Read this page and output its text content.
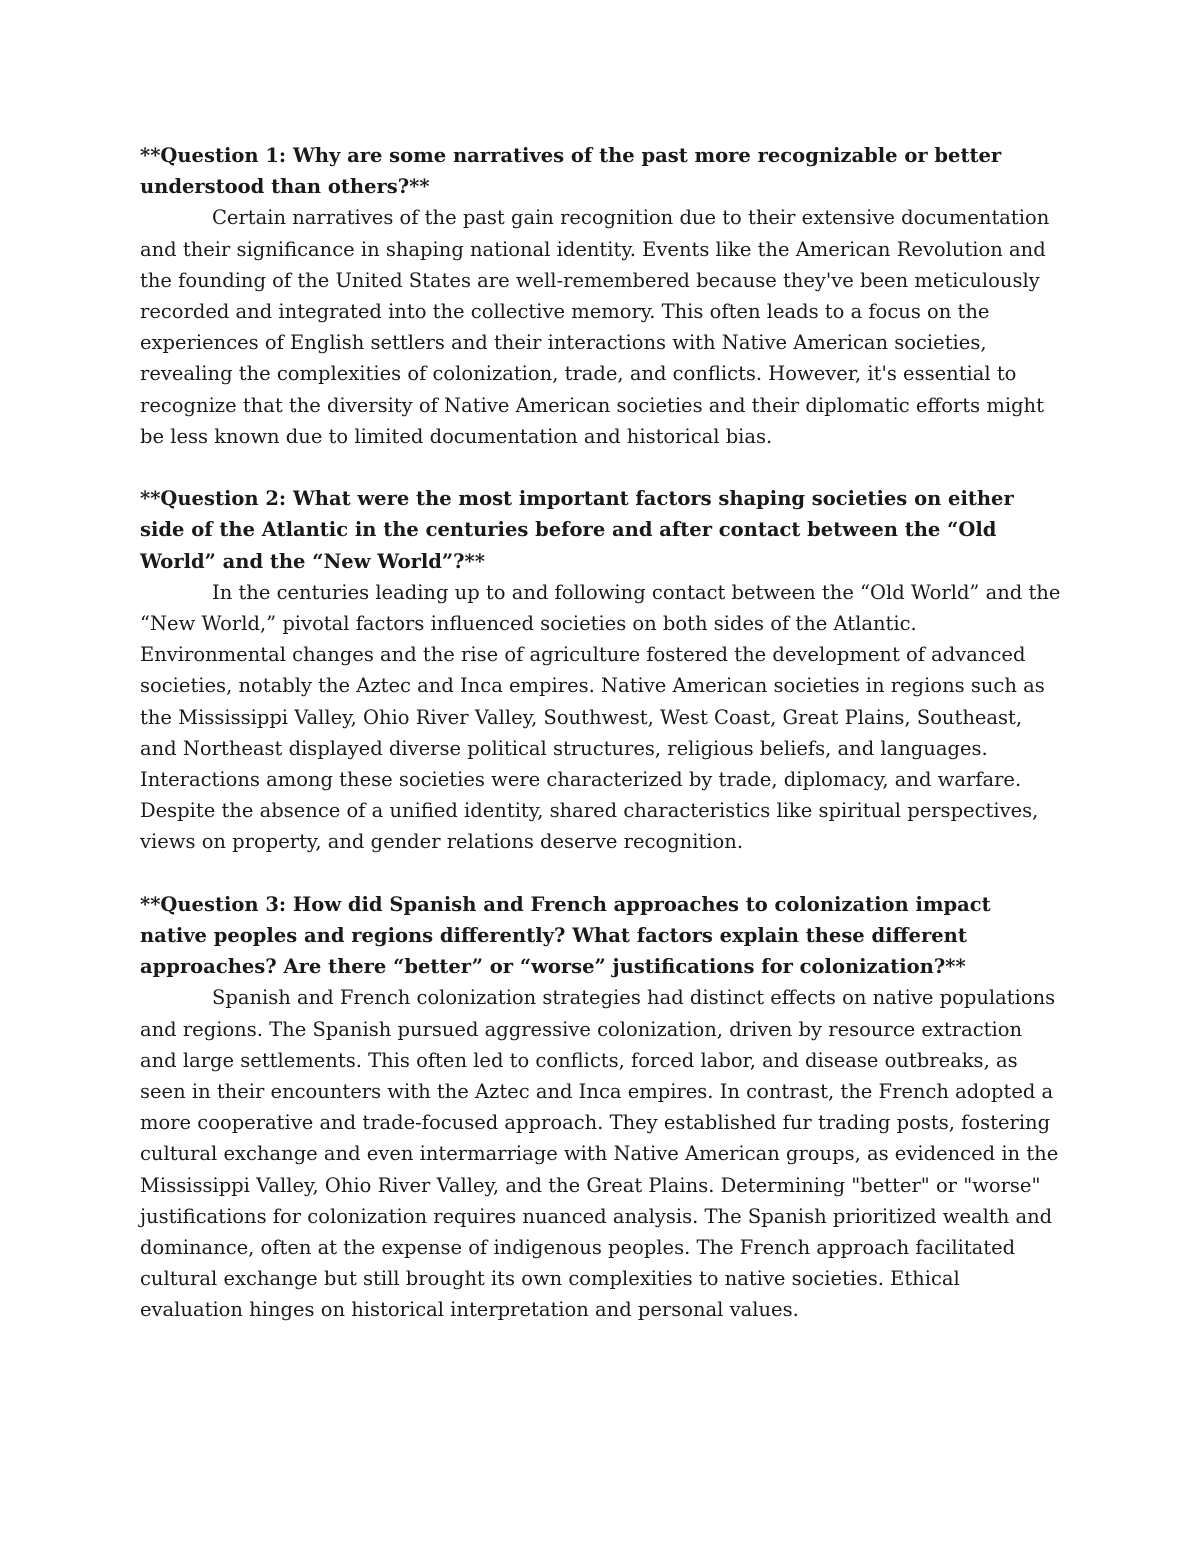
**Question 1: Why are some narratives of the past more recognizable or better understood than others?**

Certain narratives of the past gain recognition due to their extensive documentation and their significance in shaping national identity. Events like the American Revolution and the founding of the United States are well-remembered because they've been meticulously recorded and integrated into the collective memory. This often leads to a focus on the experiences of English settlers and their interactions with Native American societies, revealing the complexities of colonization, trade, and conflicts. However, it's essential to recognize that the diversity of Native American societies and their diplomatic efforts might be less known due to limited documentation and historical bias.

**Question 2: What were the most important factors shaping societies on either side of the Atlantic in the centuries before and after contact between the “Old World” and the “New World”?**

In the centuries leading up to and following contact between the “Old World” and the “New World,” pivotal factors influenced societies on both sides of the Atlantic. Environmental changes and the rise of agriculture fostered the development of advanced societies, notably the Aztec and Inca empires. Native American societies in regions such as the Mississippi Valley, Ohio River Valley, Southwest, West Coast, Great Plains, Southeast, and Northeast displayed diverse political structures, religious beliefs, and languages. Interactions among these societies were characterized by trade, diplomacy, and warfare. Despite the absence of a unified identity, shared characteristics like spiritual perspectives, views on property, and gender relations deserve recognition.

**Question 3: How did Spanish and French approaches to colonization impact native peoples and regions differently? What factors explain these different approaches? Are there “better” or “worse” justifications for colonization?**

Spanish and French colonization strategies had distinct effects on native populations and regions. The Spanish pursued aggressive colonization, driven by resource extraction and large settlements. This often led to conflicts, forced labor, and disease outbreaks, as seen in their encounters with the Aztec and Inca empires. In contrast, the French adopted a more cooperative and trade-focused approach. They established fur trading posts, fostering cultural exchange and even intermarriage with Native American groups, as evidenced in the Mississippi Valley, Ohio River Valley, and the Great Plains. Determining "better" or "worse" justifications for colonization requires nuanced analysis. The Spanish prioritized wealth and dominance, often at the expense of indigenous peoples. The French approach facilitated cultural exchange but still brought its own complexities to native societies. Ethical evaluation hinges on historical interpretation and personal values.
